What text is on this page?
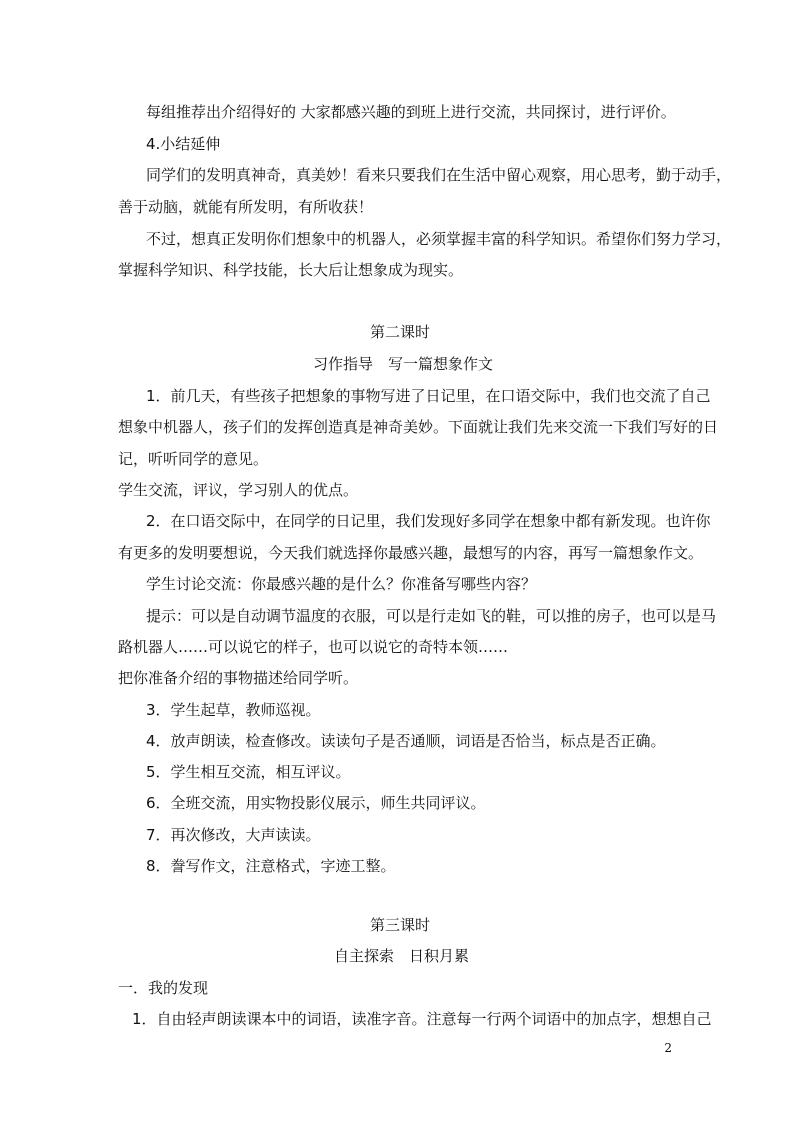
每组推荐出介绍得好的 大家都感兴趣的到班上进行交流，共同探讨，进行评价。
4.小结延伸
同学们的发明真神奇，真美妙！看来只要我们在生活中留心观察，用心思考，勤于动手，
善于动脑，就能有所发明，有所收获！
不过，想真正发明你们想象中的机器人，必须掌握丰富的科学知识。希望你们努力学习，
掌握科学知识、科学技能，长大后让想象成为现实。
第二课时
习作指导　写一篇想象作文
1．前几天，有些孩子把想象的事物写进了日记里，在口语交际中，我们也交流了自己
想象中机器人，孩子们的发挥创造真是神奇美妙。下面就让我们先来交流一下我们写好的日
记，听听同学的意见。
学生交流，评议，学习别人的优点。
2．在口语交际中，在同学的日记里，我们发现好多同学在想象中都有新发现。也许你
有更多的发明要想说，今天我们就选择你最感兴趣，最想写的内容，再写一篇想象作文。
学生讨论交流：你最感兴趣的是什么？你准备写哪些内容？
提示：可以是自动调节温度的衣服，可以是行走如飞的鞋，可以推的房子，也可以是马
路机器人……可以说它的样子，也可以说它的奇特本领……
把你准备介绍的事物描述给同学听。
3．学生起草，教师巡视。
4．放声朗读，检查修改。读读句子是否通顺，词语是否恰当，标点是否正确。
5．学生相互交流，相互评议。
6．全班交流，用实物投影仪展示，师生共同评议。
7．再次修改，大声读读。
8．誊写作文，注意格式，字迹工整。
第三课时
自主探索　日积月累
一．我的发现
1．自由轻声朗读课本中的词语，读准字音。注意每一行两个词语中的加点字，想想自己
2
